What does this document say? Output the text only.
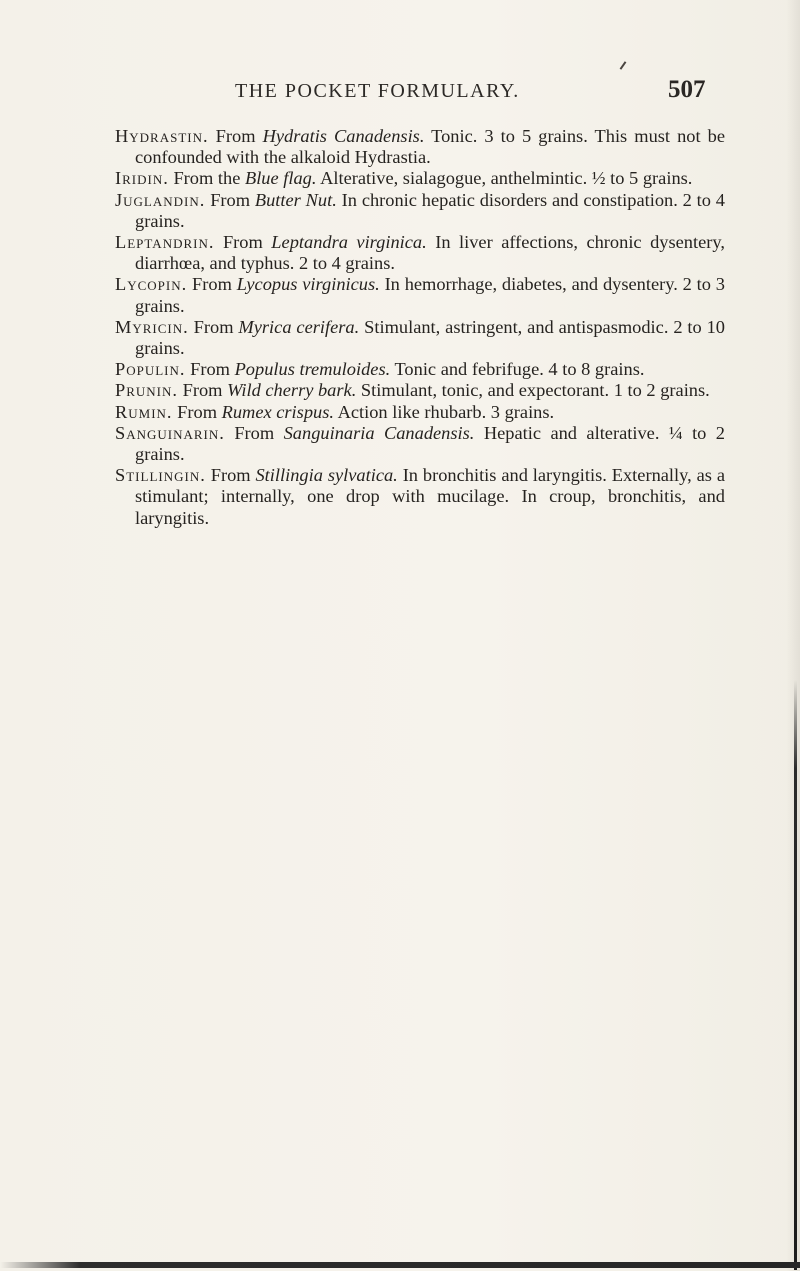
THE POCKET FORMULARY.	507

Hydrastin. From Hydratis Canadensis. Tonic. 3 to 5 grains. This must not be confounded with the alkaloid Hydrastia.

Iridin. From the Blue flag. Alterative, sialagogue, anthelmintic. ½ to 5 grains.

Juglandin. From Butter Nut. In chronic hepatic disorders and constipation. 2 to 4 grains.

Leptandrin. From Leptandra virginica. In liver affections, chronic dysentery, diarrhœa, and typhus. 2 to 4 grains.

Lycopin. From Lycopus virginicus. In hemorrhage, diabetes, and dysentery. 2 to 3 grains.

Myricin. From Myrica cerifera. Stimulant, astringent, and antispasmodic. 2 to 10 grains.

Populin. From Populus tremuloides. Tonic and febrifuge. 4 to 8 grains.

Prunin. From Wild cherry bark. Stimulant, tonic, and expectorant. 1 to 2 grains.

Rumin. From Rumex crispus. Action like rhubarb. 3 grains.

Sanguinarin. From Sanguinaria Canadensis. Hepatic and alterative. ¼ to 2 grains.

Stillingin. From Stillingia sylvatica. In bronchitis and laryngitis. Externally, as a stimulant; internally, one drop with mucilage. In croup, bronchitis, and laryngitis.
